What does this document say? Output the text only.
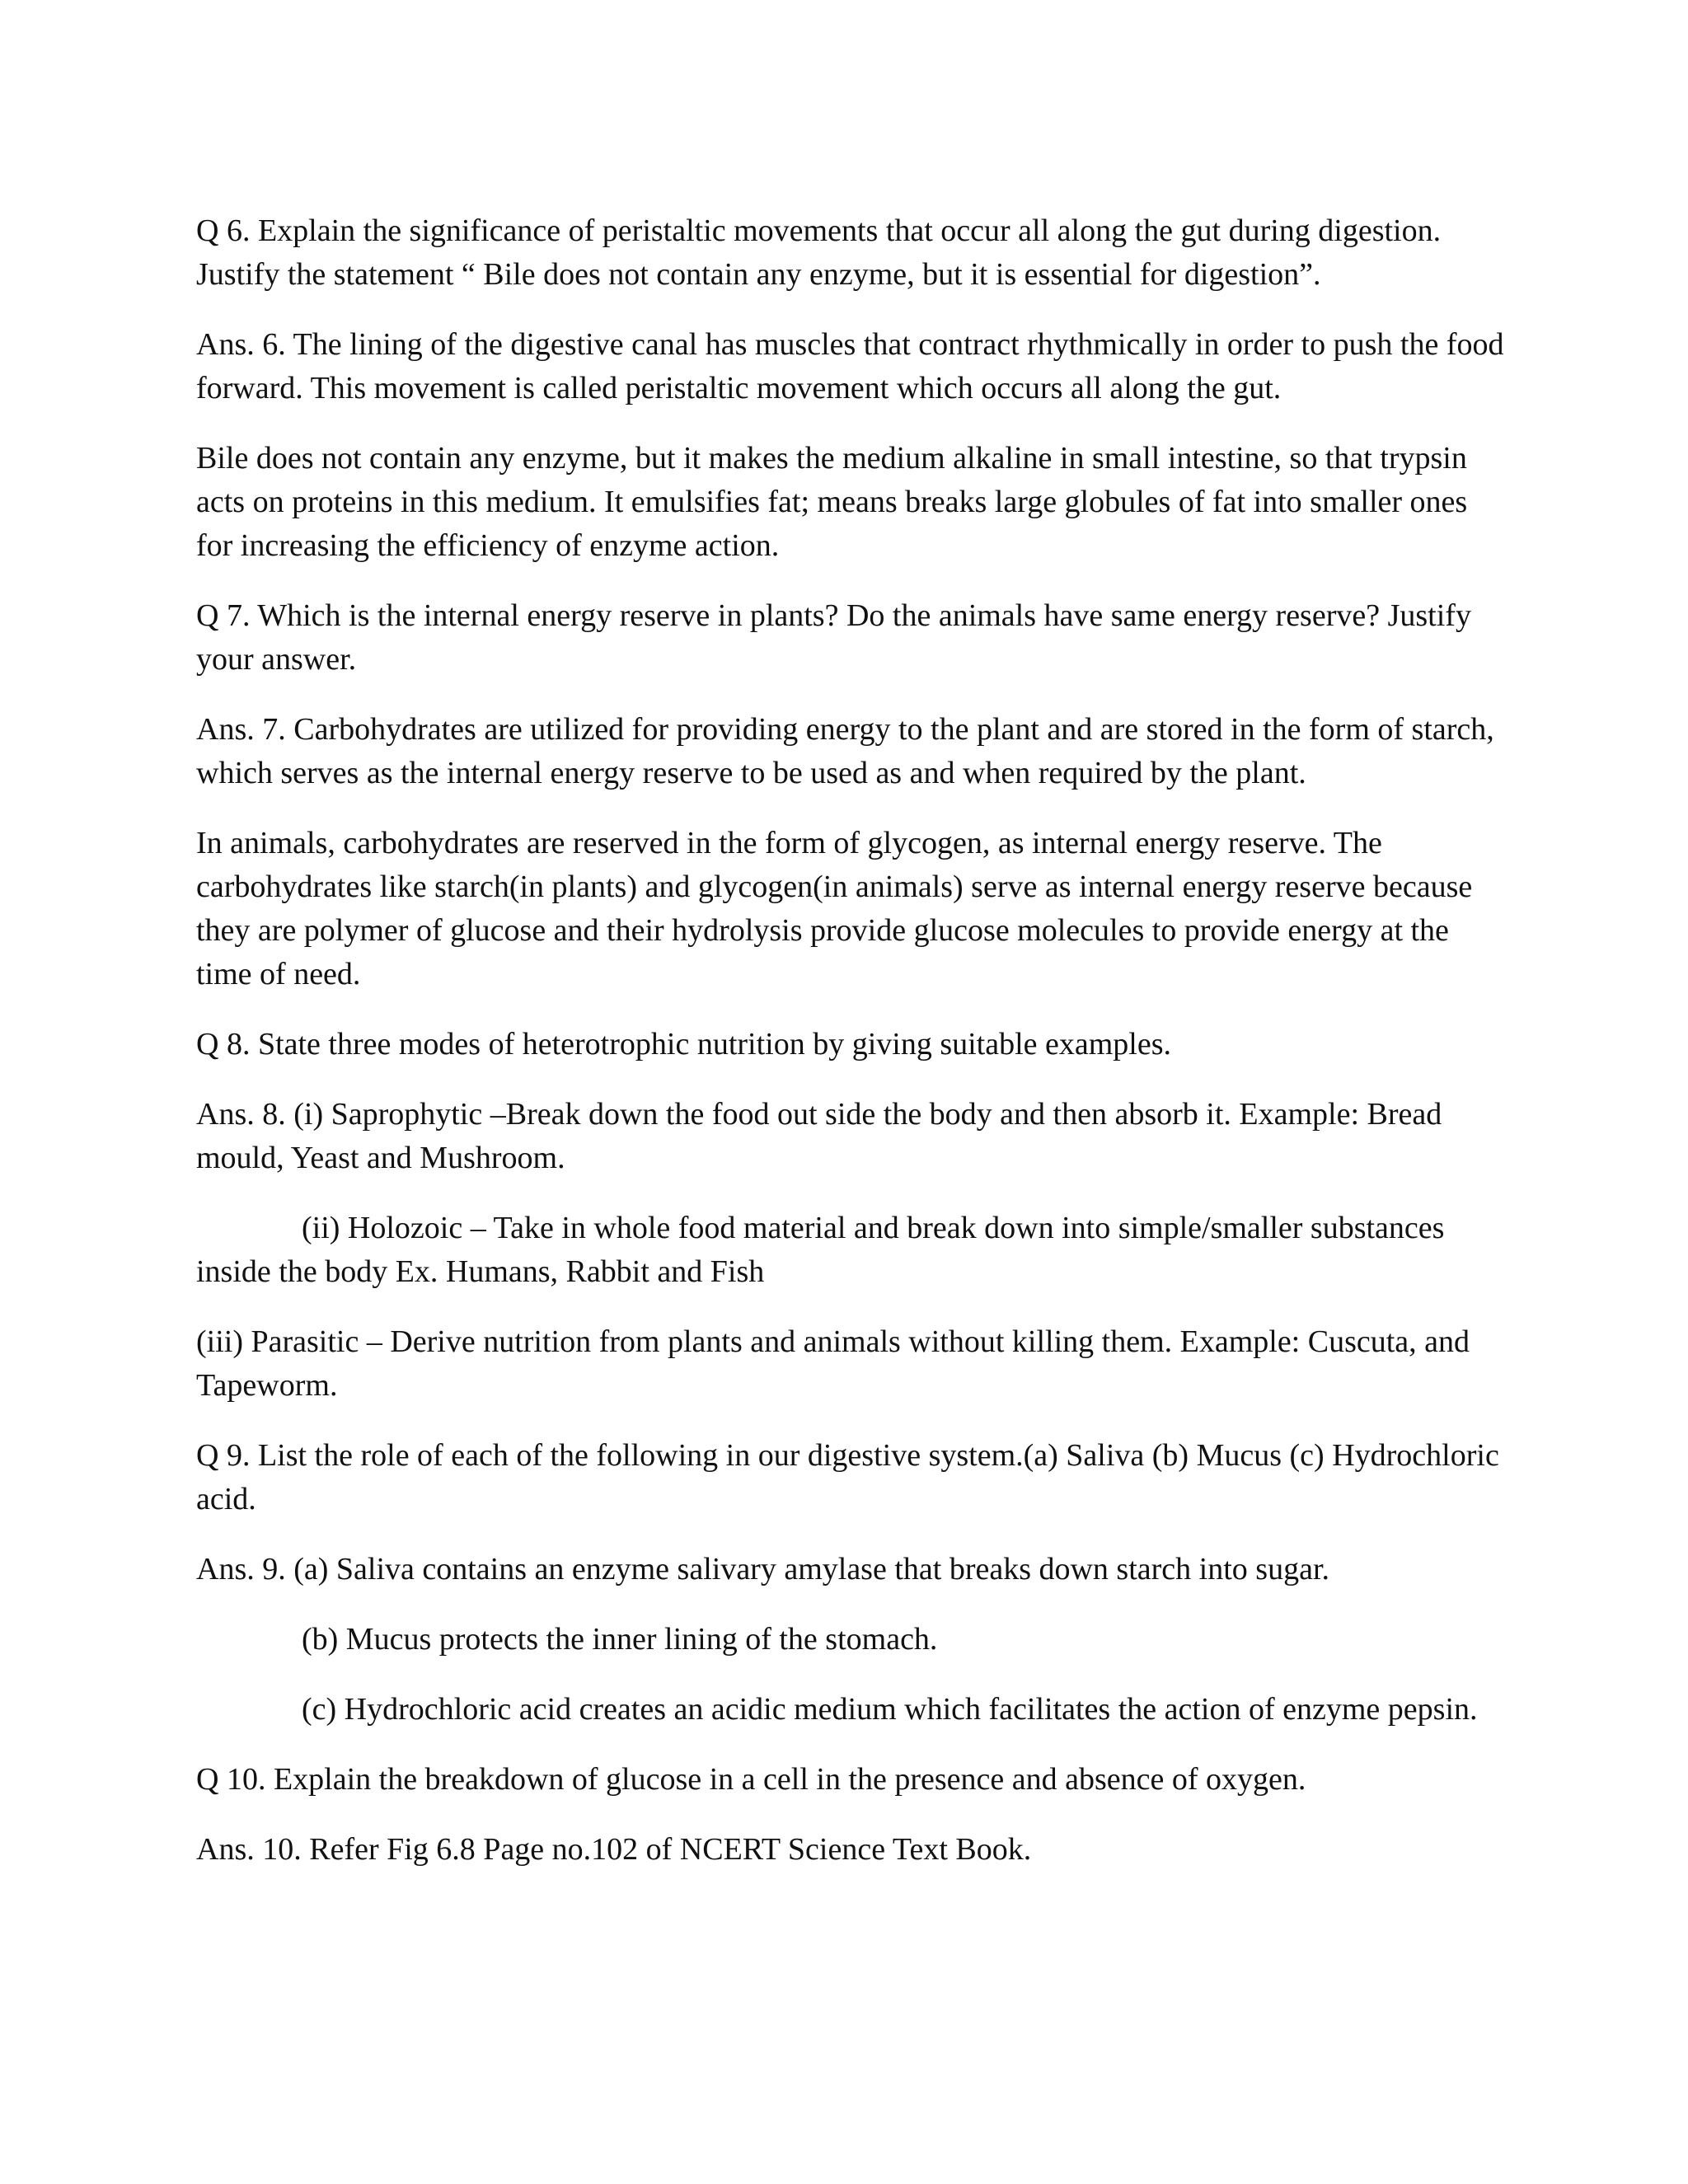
Q 6. Explain the significance of peristaltic movements that occur all along the gut during digestion.
Justify the statement “ Bile does not contain any enzyme, but it is essential for digestion”.

Ans. 6. The lining of the digestive canal has muscles that contract rhythmically in order to push the food
forward. This movement is called peristaltic movement which occurs all along the gut.

Bile does not contain any enzyme, but it makes the medium alkaline in small intestine, so that trypsin
acts on proteins in this medium. It emulsifies fat; means breaks large globules of fat into smaller ones
for increasing the efficiency of enzyme action.

Q 7. Which is the internal energy reserve in plants? Do the animals have same energy reserve? Justify
your answer.

Ans. 7. Carbohydrates are utilized for providing energy to the plant and are stored in the form of starch,
which serves as the internal energy reserve to be used as and when required by the plant.

In animals, carbohydrates are reserved in the form of glycogen, as internal energy reserve. The
carbohydrates like starch(in plants) and glycogen(in animals) serve as internal energy reserve because
they are polymer of glucose and their hydrolysis provide glucose molecules to provide energy at the
time of need.

Q 8. State three modes of heterotrophic nutrition by giving suitable examples.

Ans. 8. (i) Saprophytic –Break down the food out side the body and then absorb it. Example: Bread
mould, Yeast and Mushroom.

(ii) Holozoic – Take in whole food material and break down into simple/smaller substances
inside the body Ex. Humans, Rabbit and Fish

(iii) Parasitic – Derive nutrition from plants and animals without killing them. Example: Cuscuta, and
Tapeworm.

Q 9. List the role of each of the following in our digestive system.(a) Saliva (b) Mucus (c) Hydrochloric
acid.

Ans. 9. (a) Saliva contains an enzyme salivary amylase that breaks down starch into sugar.

(b) Mucus protects the inner lining of the stomach.

(c) Hydrochloric acid creates an acidic medium which facilitates the action of enzyme pepsin.

Q 10. Explain the breakdown of glucose in a cell in the presence and absence of oxygen.

Ans. 10. Refer Fig 6.8 Page no.102 of NCERT Science Text Book.
